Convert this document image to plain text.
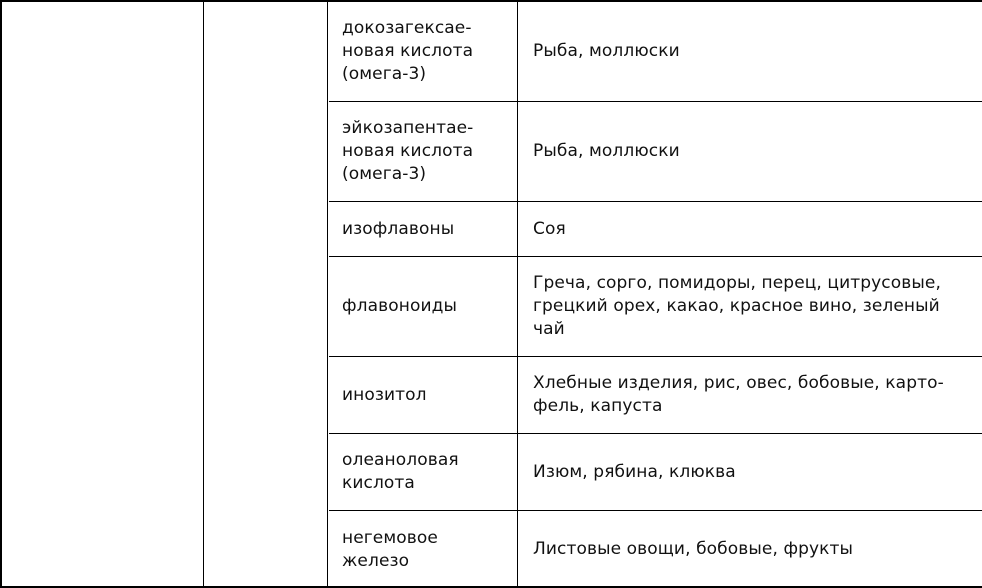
докозагексае-
новая кислота
(омега-3)
Рыба, моллюски
эйкозапентае-
новая кислота
(омега-3)
Рыба, моллюски
изофлавоны	Соя
флавоноиды
Греча, сорго, помидоры, перец, цитрусовые,
грецкий орех, какао, красное вино, зеленый
чай
инозитол
Хлебные изделия, рис, овес, бобовые, карто-
фель, капуста
олеаноловая
кислота
Изюм, рябина, клюква
негемовое
железо
Листовые овощи, бобовые, фрукты
